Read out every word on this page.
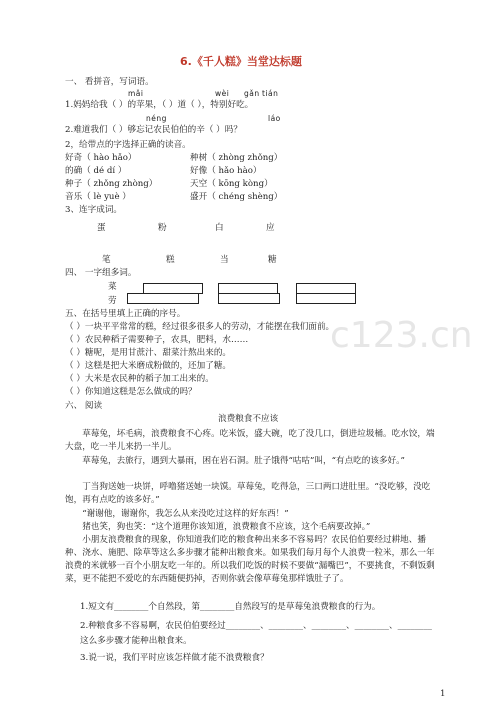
6.《千人糕》当堂达标题
一、 看拼音，写词语。
mǎi	wèi gǎn tián
1.妈妈给我（ ）的苹果，（ ）道（ ），特别好吃。
néng	láo
2.难道我们（ ）够忘记农民伯伯的辛（ ）吗？
2，给带点的字选择正确的读音。
好奇（ hào hǎo）	种树（ zhòng zhǒng）
的确（ dé dí ）	好像（ hǎo hào）
种子（ zhǒng zhòng）	天空（ kōng kòng）
音乐（ lè yuè ）	盛开（ chéng shèng）
3、连字成词。
蛋	粉	白	应
笔	糕	当	糖
四、 一字组多词。
菜
劳
c123.cn
五、在括号里填上正确的序号。
（ ）一块平平常常的糕，经过很多很多人的劳动，才能摆在我们面前。
（ ）农民种稻子需要种子，农具，肥料，水……
（ ）糖呢，是用甘蔗汁、甜菜汁熬出来的。
（ ）这糕是把大米磨成粉做的，还加了糖。
（ ）大米是农民种的稻子加工出来的。
（ ）你知道这糕是怎么做成的吗？
六、 阅读
浪费粮食不应该
草莓兔，坏毛病，浪费粮食不心疼。吃米饭，盛大碗，吃了没几口，倒进垃圾桶。吃水饺，端大盘，吃一半儿来扔一半儿。
草莓兔，去旅行，遇到大暴雨，困在岩石洞。肚子饿得“咕咕”叫，“有点吃的该多好。”
丁当狗送她一块饼，呼噜猪送她一块馍。草莓兔，吃得急，三口两口进肚里。“没吃够，没吃饱，再有点吃的该多好。”
“谢谢他，谢谢你，我怎么从来没吃过这样的好东西！”
猪也笑，狗也笑：“这个道理你该知道，浪费粮食不应该，这个毛病要改掉。”
小朋友浪费粮食的现象，你知道我们吃的粮食种出来多不容易吗？农民伯伯要经过耕地、播种、浇水、施肥、除草等这么多步骤才能种出粮食来。如果我们每月每个人浪费一粒米，那么一年浪费的米就够一百个小朋友吃一年的。所以我们吃饭的时候不要做“漏嘴巴”，不要挑食，不剩饭剩菜，更不能把不爱吃的东西随便扔掉，否则你就会像草莓兔那样饿肚子了。
1.短文有________个自然段，第________自然段写的是草莓兔浪费粮食的行为。
2.种粮食多不容易啊，农民伯伯要经过________、________、________、________、________这么多步骤才能种出粮食来。
3.说一说，我们平时应该怎样做才能不浪费粮食？
1
